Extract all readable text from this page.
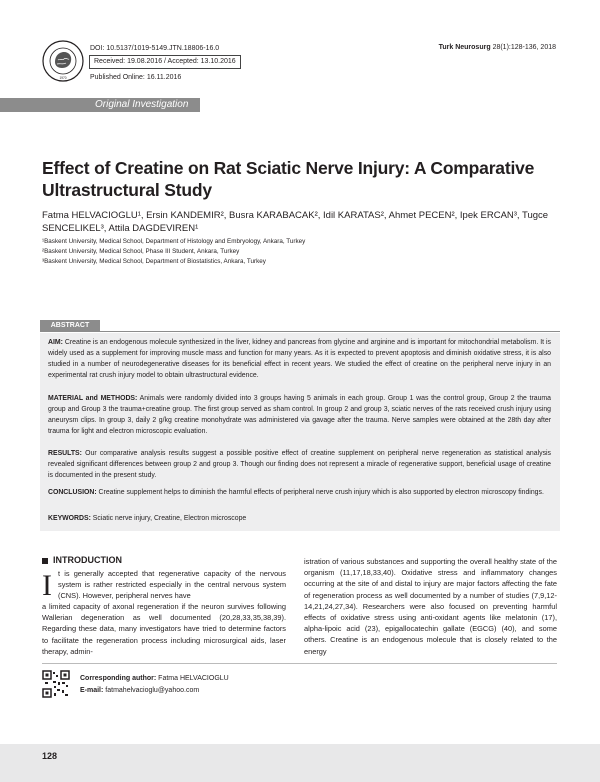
1970
DOI: 10.5137/1019-5149.JTN.18806-16.0
Received: 19.08.2016 / Accepted: 13.10.2016
Published Online: 16.11.2016
Turk Neurosurg 28(1):128-136, 2018
Original Investigation
Effect of Creatine on Rat Sciatic Nerve Injury: A Comparative Ultrastructural Study
Fatma HELVACIOGLU¹, Ersin KANDEMIR², Busra KARABACAK², Idil KARATAS², Ahmet PECEN², Ipek ERCAN³, Tugce SENCELIKEL³, Attila DAGDEVIREN¹
¹Baskent University, Medical School, Department of Histology and Embryology, Ankara, Turkey
²Baskent University, Medical School, Phase III Student, Ankara, Turkey
³Baskent University, Medical School, Department of Biostatistics, Ankara, Turkey
ABSTRACT
AIM: Creatine is an endogenous molecule synthesized in the liver, kidney and pancreas from glycine and arginine and is important for mitochondrial metabolism. It is widely used as a supplement for improving muscle mass and function for many years. As it is expected to prevent apoptosis and diminish oxidative stress, it is also studied in a number of neurodegenerative diseases for its beneficial effect in recent years. We studied the effect of creatine on the peripheral nerve injury in an experimental rat crush injury model to obtain ultrastructural evidence.
MATERIAL and METHODS: Animals were randomly divided into 3 groups having 5 animals in each group. Group 1 was the control group, Group 2 the trauma group and Group 3 the trauma+creatine group. The first group served as sham control. In group 2 and group 3, sciatic nerves of the rats received crush injury using aneurysm clips. In group 3, daily 2 g/kg creatine monohydrate was administered via gavage after the trauma. Nerve samples were obtained at the 28th day after trauma for light and electron microscopic evaluation.
RESULTS: Our comparative analysis results suggest a possible positive effect of creatine supplement on peripheral nerve regeneration as statistical analysis revealed significant differences between group 2 and group 3. Though our finding does not represent a miracle of regenerative support, beneficial usage of creatine is documented in the present study.
CONCLUSION: Creatine supplement helps to diminish the harmful effects of peripheral nerve crush injury which is also supported by electron microscopy findings.
KEYWORDS: Sciatic nerve injury, Creatine, Electron microscope
INTRODUCTION
I t is generally accepted that regenerative capacity of the nervous system is rather restricted especially in the central nervous system (CNS). However, peripheral nerves have
a limited capacity of axonal regeneration if the neuron survives following Wallerian degeneration as well documented (20,28,33,35,38,39). Regarding these data, many investigators have tried to determine factors to facilitate the regeneration process including microsurgical aids, laser therapy, admin-
istration of various substances and supporting the overall healthy state of the organism (11,17,18,33,40). Oxidative stress and inflammatory changes occurring at the site of and distal to injury are major factors affecting the fate of regeneration process as well documented by a number of studies (7,9,12-14,21,24,27,34). Researchers were also focused on preventing harmful effects of oxidative stress using anti-oxidant agents like melatonin (17), alpha-lipoic acid (23), epigallocatechin gallate (EGCG) (40), and some others. Creatine is an endogenous molecule that is closely related to the energy
Corresponding author: Fatma HELVACIOGLU
E-mail: fatmahelvacioglu@yahoo.com
128
